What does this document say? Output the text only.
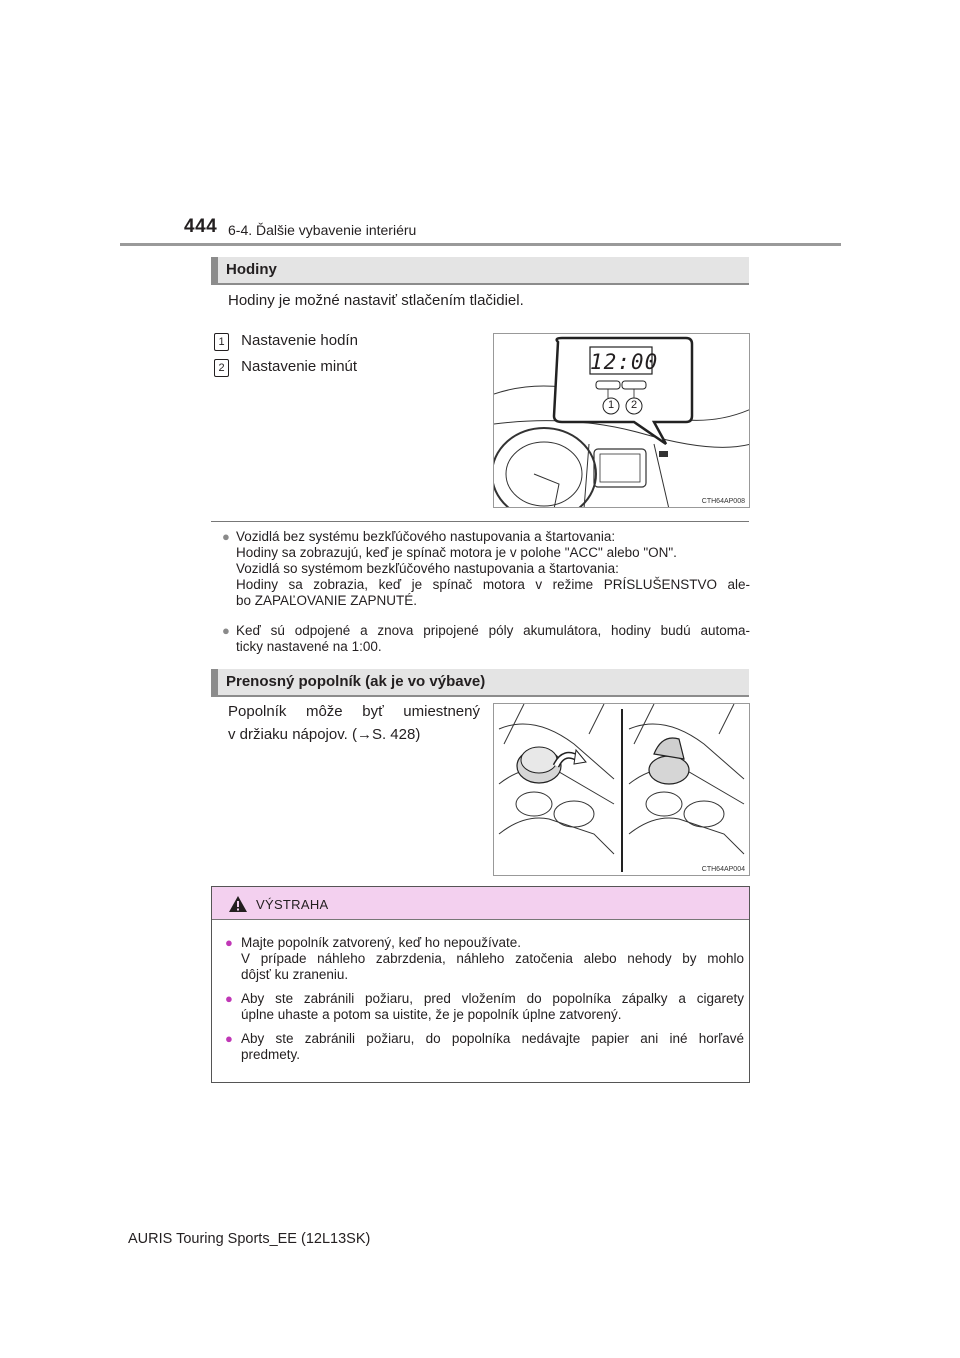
444 6-4. Ďalšie vybavenie interiéru
Hodiny
Hodiny je možné nastaviť stlačením tlačidiel.
1 Nastavenie hodín
2 Nastavenie minút	12:00
1 2
CTH64AP008
● Vozidlá bez systému bezkľúčového nastupovania a štartovania:
Hodiny sa zobrazujú, keď je spínač motora je v polohe "ACC" alebo "ON".
Vozidlá so systémom bezkľúčového nastupovania a štartovania:
Hodiny sa zobrazia, keď je spínač motora v režime PRÍSLUŠENSTVO ale-
bo ZAPAĽOVANIE ZAPNUTÉ.
● Keď sú odpojené a znova pripojené póly akumulátora, hodiny budú automa-
ticky nastavené na 1:00.
Prenosný popolník (ak je vo výbave)
Popolník môže byť umiestnený
v držiaku nápojov. (→S. 428)
CTH64AP004
VÝSTRAHA
● Majte popolník zatvorený, keď ho nepoužívate.
V prípade náhleho zabrzdenia, náhleho zatočenia alebo nehody by mohlo
dôjsť ku zraneniu.
● Aby ste zabránili požiaru, pred vložením do popolníka zápalky a cigarety
úplne uhaste a potom sa uistite, že je popolník úplne zatvorený.
● Aby ste zabránili požiaru, do popolníka nedávajte papier ani iné horľavé
predmety.
AURIS Touring Sports_EE (12L13SK)
